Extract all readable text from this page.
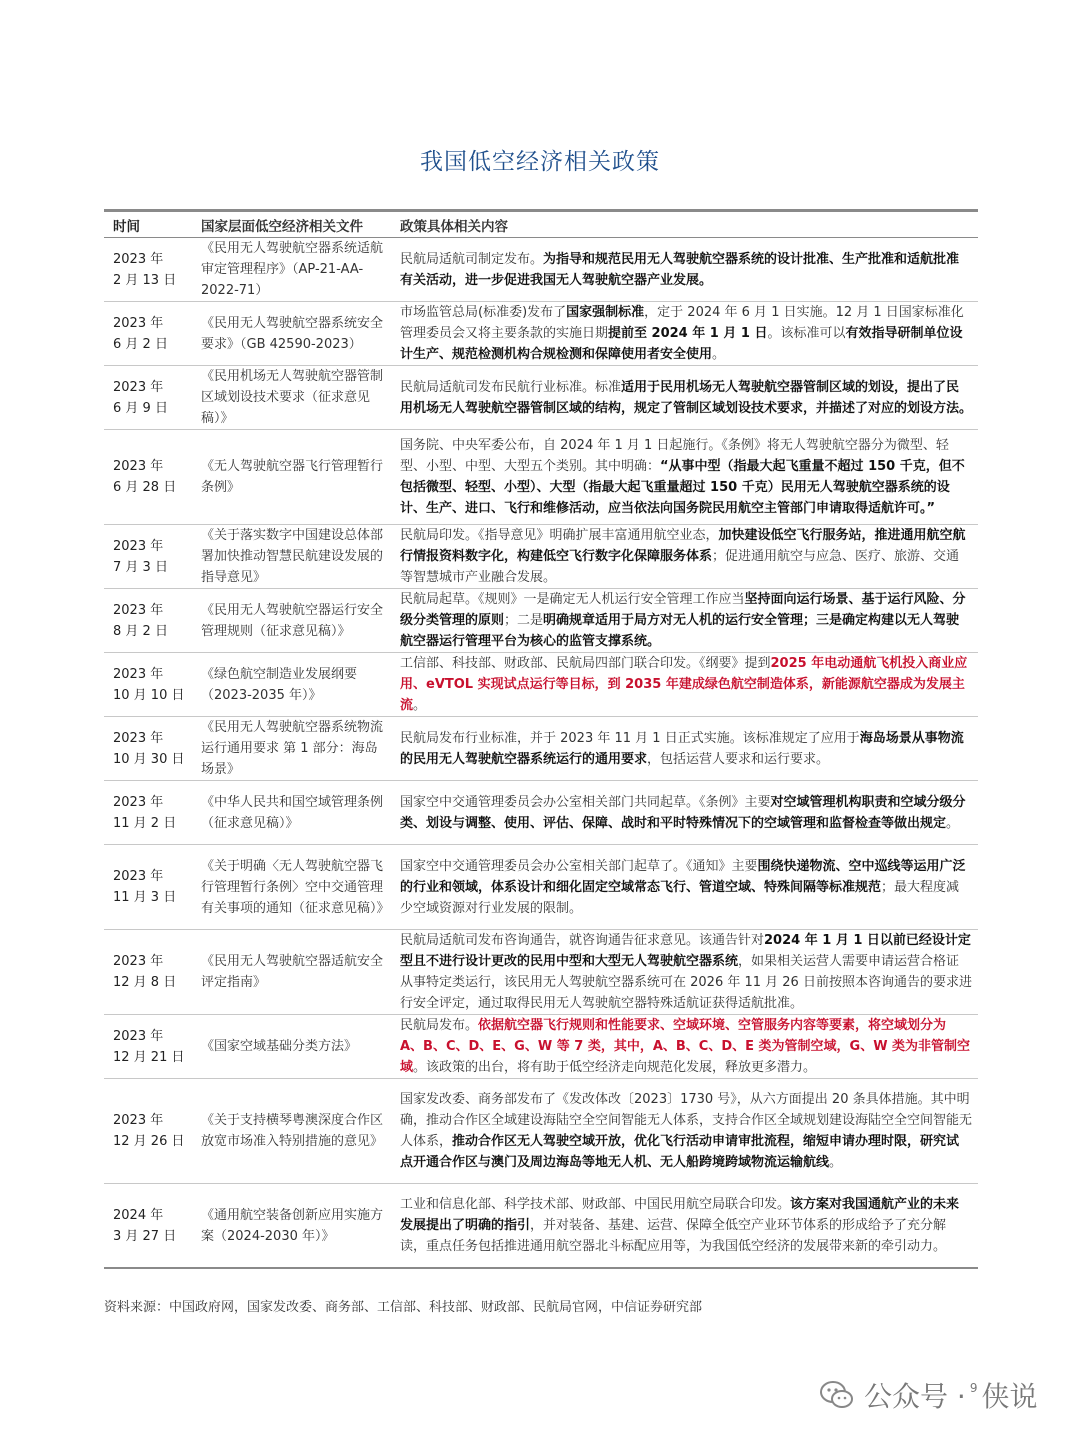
我国低空经济相关政策
时间	国家层面低空经济相关文件	政策具体相关内容
2023 年
2 月 13 日
《民用无人驾驶航空器系统适航审定管理程序》（AP-21-AA-2022-71）
民航局适航司制定发布。为指导和规范民用无人驾驶航空器系统的设计批准、生产批准和适航批准有关活动，进一步促进我国无人驾驶航空器产业发展。
2023 年
6 月 2 日
《民用无人驾驶航空器系统安全要求》（GB 42590-2023）
市场监管总局(标准委)发布了国家强制标准，定于 2024 年 6 月 1 日实施。12 月 1 日国家标准化管理委员会又将主要条款的实施日期提前至 2024 年 1 月 1 日。该标准可以有效指导研制单位设计生产、规范检测机构合规检测和保障使用者安全使用。
2023 年
6 月 9 日
《民用机场无人驾驶航空器管制区域划设技术要求（征求意见稿）》
民航局适航司发布民航行业标准。标准适用于民用机场无人驾驶航空器管制区域的划设，提出了民用机场无人驾驶航空器管制区域的结构，规定了管制区域划设技术要求，并描述了对应的划设方法。
2023 年
6 月 28 日
《无人驾驶航空器飞行管理暂行条例》
国务院、中央军委公布，自 2024 年 1 月 1 日起施行。《条例》将无人驾驶航空器分为微型、轻型、小型、中型、大型五个类别。其中明确：“从事中型（指最大起飞重量不超过 150 千克，但不包括微型、轻型、小型）、大型（指最大起飞重量超过 150 千克）民用无人驾驶航空器系统的设计、生产、进口、飞行和维修活动，应当依法向国务院民用航空主管部门申请取得适航许可。”
2023 年
7 月 3 日
《关于落实数字中国建设总体部署加快推动智慧民航建设发展的指导意见》
民航局印发。《指导意见》明确扩展丰富通用航空业态，加快建设低空飞行服务站，推进通用航空航行情报资料数字化，构建低空飞行数字化保障服务体系；促进通用航空与应急、医疗、旅游、交通等智慧城市产业融合发展。
2023 年
8 月 2 日
《民用无人驾驶航空器运行安全管理规则（征求意见稿）》
民航局起草。《规则》一是确定无人机运行安全管理工作应当坚持面向运行场景、基于运行风险、分级分类管理的原则；二是明确规章适用于局方对无人机的运行安全管理；三是确定构建以无人驾驶航空器运行管理平台为核心的监管支撑系统。
2023 年
10 月 10 日
《绿色航空制造业发展纲要（2023-2035 年）》
工信部、科技部、财政部、民航局四部门联合印发。《纲要》提到2025 年电动通航飞机投入商业应用、eVTOL 实现试点运行等目标，到 2035 年建成绿色航空制造体系，新能源航空器成为发展主流。
2023 年
10 月 30 日
《民用无人驾驶航空器系统物流运行通用要求 第 1 部分：海岛场景》
民航局发布行业标准，并于 2023 年 11 月 1 日正式实施。该标准规定了应用于海岛场景从事物流的民用无人驾驶航空器系统运行的通用要求，包括运营人要求和运行要求。
2023 年
11 月 2 日
《中华人民共和国空域管理条例（征求意见稿）》
国家空中交通管理委员会办公室相关部门共同起草。《条例》主要对空域管理机构职责和空域分级分类、划设与调整、使用、评估、保障、战时和平时特殊情况下的空域管理和监督检查等做出规定。
2023 年
11 月 3 日
《关于明确〈无人驾驶航空器飞行管理暂行条例〉空中交通管理有关事项的通知（征求意见稿）》
国家空中交通管理委员会办公室相关部门起草了。《通知》主要围绕快递物流、空中巡线等运用广泛的行业和领域，体系设计和细化固定空域常态飞行、管道空域、特殊间隔等标准规范；最大程度减少空域资源对行业发展的限制。
2023 年
12 月 8 日
《民用无人驾驶航空器适航安全评定指南》
民航局适航司发布咨询通告，就咨询通告征求意见。该通告针对2024 年 1 月 1 日以前已经设计定型且不进行设计更改的民用中型和大型无人驾驶航空器系统，如果相关运营人需要申请运营合格证从事特定类运行，该民用无人驾驶航空器系统可在 2026 年 11 月 26 日前按照本咨询通告的要求进行安全评定，通过取得民用无人驾驶航空器特殊适航证获得适航批准。
2023 年
12 月 21 日
《国家空域基础分类方法》
民航局发布。依据航空器飞行规则和性能要求、空域环境、空管服务内容等要素，将空域划分为 A、B、C、D、E、G、W 等 7 类，其中，A、B、C、D、E 类为管制空域，G、W 类为非管制空域。该政策的出台，将有助于低空经济走向规范化发展，释放更多潜力。
2023 年
12 月 26 日
《关于支持横琴粤澳深度合作区放宽市场准入特别措施的意见》
国家发改委、商务部发布了《发改体改〔2023〕1730 号》，从六方面提出 20 条具体措施。其中明确，推动合作区全域建设海陆空全空间智能无人体系，支持合作区全域规划建设海陆空全空间智能无人体系，推动合作区无人驾驶空域开放，优化飞行活动申请审批流程，缩短申请办理时限，研究试点开通合作区与澳门及周边海岛等地无人机、无人船跨境跨域物流运输航线。
2024 年
3 月 27 日
《通用航空装备创新应用实施方案（2024-2030 年）》
工业和信息化部、科学技术部、财政部、中国民用航空局联合印发。该方案对我国通航产业的未来发展提出了明确的指引，并对装备、基建、运营、保障全低空产业环节体系的形成给予了充分解读，重点任务包括推进通用航空器北斗标配应用等，为我国低空经济的发展带来新的牵引动力。
资料来源：中国政府网，国家发改委、商务部、工信部、科技部、财政部、民航局官网，中信证券研究部
公众号 · 9 侠说
